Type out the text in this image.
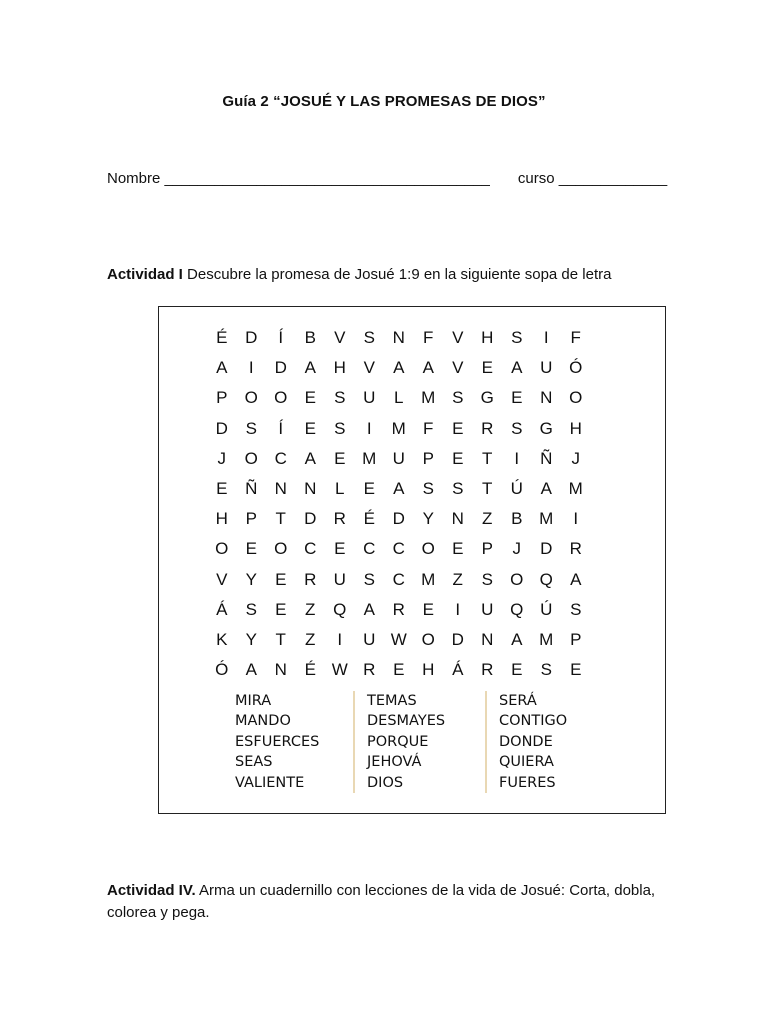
Guía 2 “JOSUÉ Y LAS PROMESAS DE DIOS”
Nombre _______________________________________ curso _____________
Actividad I Descubre la promesa de Josué 1:9 en la siguiente sopa de letra
É	D	Í	B	V	S	N	F	V	H	S	I	F
A	I	D	A	H	V	A	A	V	E	A	U Ó
P	O O	E	S	U	L	M S	G	E	N O
D	S	Í	E	S	I	M	F	E	R	S	G H
J	O C	A	E M U	P	E	T	I	Ñ	J
E	Ñ	N	N	L	E	A	S	S	T	Ú	A M
H	P	T	D	R	É	D	Y	N	Z	B M	I
O	E	O C	E	C	C O	E	P	J	D	R
V	Y	E	R	U	S	C M	Z	S	O Q	A
Á	S	E	Z	Q	A	R	E	I	U Q Ú	S
K	Y	T	Z	I	U W O D	N	A M P
Ó	A	N	É W R	E	H	Á	R	E	S	E
MIRA
MANDO
ESFUERCES
SEAS
VALIENTE
TEMAS
DESMAYES
PORQUE
JEHOVÁ
DIOS
SERÁ
CONTIGO
DONDE
QUIERA
FUERES
Actividad IV. Arma un cuadernillo con lecciones de la vida de Josué: Corta, dobla, colorea y pega.
